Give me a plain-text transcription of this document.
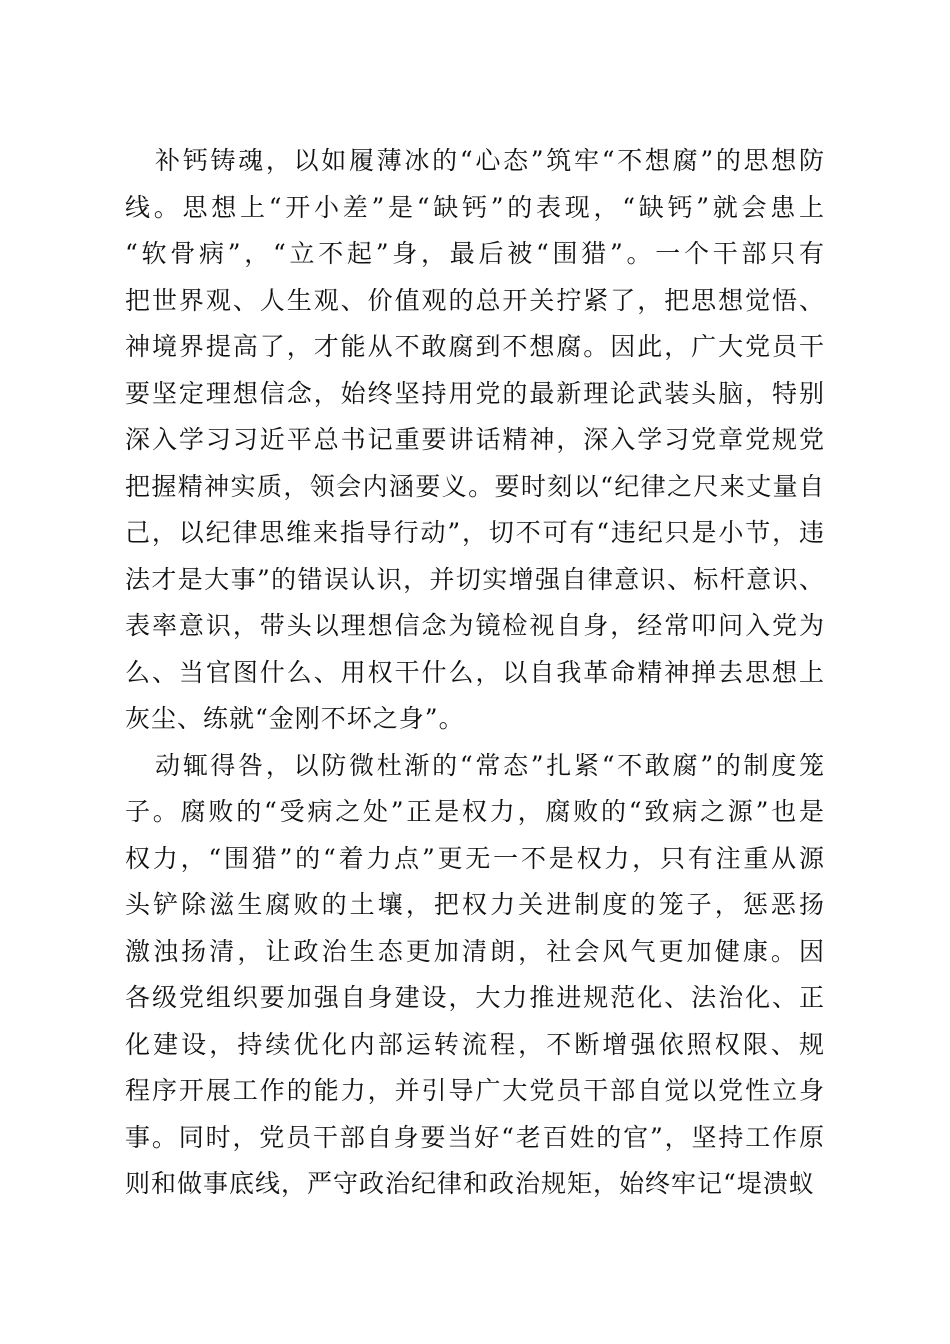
补钙铸魂，以如履薄冰的“心态”筑牢“不想腐”的思想防
线。思想上“开小差”是“缺钙”的表现，“缺钙”就会患上
“软骨病”，“立不起”身，最后被“围猎”。一个干部只有
把世界观、人生观、价值观的总开关拧紧了，把思想觉悟、
神境界提高了，才能从不敢腐到不想腐。因此，广大党员干
要坚定理想信念，始终坚持用党的最新理论武装头脑，特别
深入学习习近平总书记重要讲话精神，深入学习党章党规党
把握精神实质，领会内涵要义。要时刻以“纪律之尺来丈量自
己，以纪律思维来指导行动”，切不可有“违纪只是小节，违
法才是大事”的错误认识，并切实增强自律意识、标杆意识、
表率意识，带头以理想信念为镜检视自身，经常叩问入党为
么、当官图什么、用权干什么，以自我革命精神掸去思想上
灰尘、练就“金刚不坏之身”。
动辄得咎，以防微杜渐的“常态”扎紧“不敢腐”的制度笼
子。腐败的“受病之处”正是权力，腐败的“致病之源”也是
权力，“围猎”的“着力点”更无一不是权力，只有注重从源
头铲除滋生腐败的土壤，把权力关进制度的笼子，惩恶扬
激浊扬清，让政治生态更加清朗，社会风气更加健康。因
各级党组织要加强自身建设，大力推进规范化、法治化、正
化建设，持续优化内部运转流程，不断增强依照权限、规
程序开展工作的能力，并引导广大党员干部自觉以党性立身
事。同时，党员干部自身要当好“老百姓的官”，坚持工作原
则和做事底线，严守政治纪律和政治规矩，始终牢记“堤溃蚁
